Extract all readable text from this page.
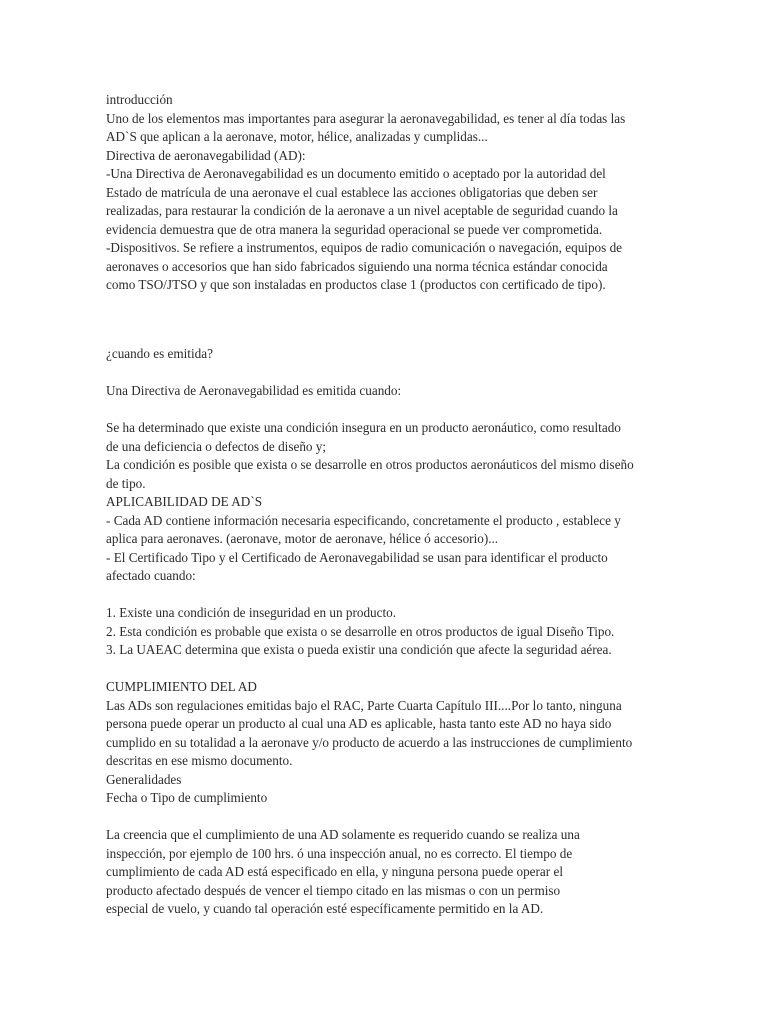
introducción
Uno de los elementos mas importantes para asegurar la aeronavegabilidad, es tener al día todas las
AD`S que aplican a la aeronave, motor, hélice, analizadas y cumplidas...
Directiva de aeronavegabilidad (AD):
-Una Directiva de Aeronavegabilidad es un documento emitido o aceptado por la autoridad del
Estado de matrícula de una aeronave el cual establece las acciones obligatorias que deben ser
realizadas, para restaurar la condición de la aeronave a un nivel aceptable de seguridad cuando la
evidencia demuestra que de otra manera la seguridad operacional se puede ver comprometida.
-Dispositivos. Se refiere a instrumentos, equipos de radio comunicación o navegación, equipos de
aeronaves o accesorios que han sido fabricados siguiendo una norma técnica estándar conocida
como TSO/JTSO y que son instaladas en productos clase 1 (productos con certificado de tipo).
¿cuando es emitida?
Una Directiva de Aeronavegabilidad es emitida cuando:
Se ha determinado que existe una condición insegura en un producto aeronáutico, como resultado
de una deficiencia o defectos de diseño y;
La condición es posible que exista o se desarrolle en otros productos aeronáuticos del mismo diseño
de tipo.
APLICABILIDAD DE AD`S
- Cada AD contiene información necesaria especificando, concretamente el producto , establece y
aplica para aeronaves. (aeronave, motor de aeronave, hélice ó accesorio)...
- El Certificado Tipo y el Certificado de Aeronavegabilidad se usan para identificar el producto
afectado cuando:
1. Existe una condición de inseguridad en un producto.
2. Esta condición es probable que exista o se desarrolle en otros productos de igual Diseño Tipo.
3. La UAEAC determina que exista o pueda existir una condición que afecte la seguridad aérea.
CUMPLIMIENTO DEL AD
Las ADs son regulaciones emitidas bajo el RAC, Parte Cuarta Capítulo III....Por lo tanto, ninguna
persona puede operar un producto al cual una AD es aplicable, hasta tanto este AD no haya sido
cumplido en su totalidad a la aeronave y/o producto de acuerdo a las instrucciones de cumplimiento
descritas en ese mismo documento.
Generalidades
Fecha o Tipo de cumplimiento
La creencia que el cumplimiento de una AD solamente es requerido cuando se realiza una
inspección, por ejemplo de 100 hrs. ó una inspección anual, no es correcto. El tiempo de
cumplimiento de cada AD está especificado en ella, y ninguna persona puede operar el
producto afectado después de vencer el tiempo citado en las mismas o con un permiso
especial de vuelo, y cuando tal operación esté específicamente permitido en la AD.
